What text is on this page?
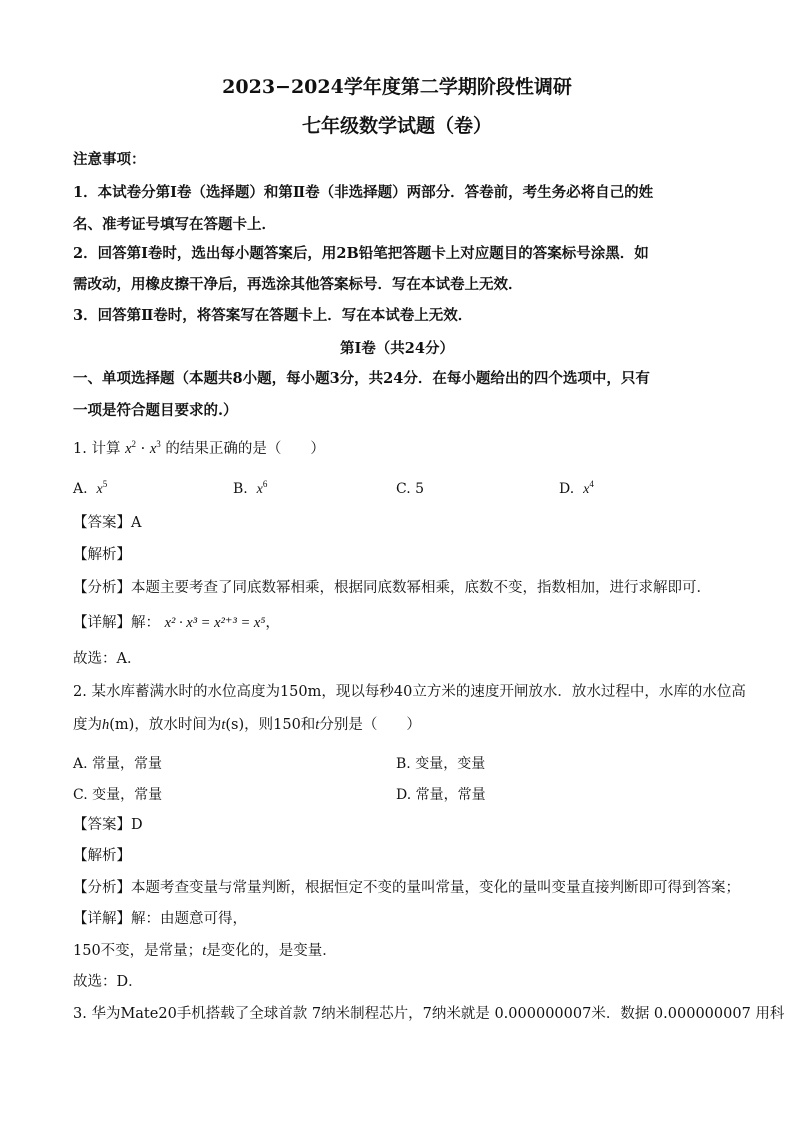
2023−2024学年度第二学期阶段性调研
七年级数学试题（卷）
注意事项：
1．本试卷分第Ⅰ卷（选择题）和第Ⅱ卷（非选择题）两部分．答卷前，考生务必将自己的姓
名、准考证号填写在答题卡上．
2．回答第Ⅰ卷时，选出每小题答案后，用2B铅笔把答题卡上对应题目的答案标号涂黑．如
需改动，用橡皮擦干净后，再选涂其他答案标号．写在本试卷上无效．
3．回答第Ⅱ卷时，将答案写在答题卡上．写在本试卷上无效．
第Ⅰ卷（共24分）
一、单项选择题（本题共8小题，每小题3分，共24分．在每小题给出的四个选项中，只有
一项是符合题目要求的.）
1. 计算 $x^2 \cdot x^3$ 的结果正确的是（　　）
A. $x^5$	B. $x^6$	C. 5	D. $x^4$
【答案】A
【解析】
【分析】本题主要考查了同底数幂相乘，根据同底数幂相乘，底数不变，指数相加，进行求解即可．
【详解】解： x² · x³ = x²⁺³ = x⁵，
故选：A．
2. 某水库蓄满水时的水位高度为150m，现以每秒40立方米的速度开闸放水．放水过程中，水库的水位高
度为h(m)，放水时间为t(s)，则150和t分别是（　　）
A. 常量，常量	B. 变量，变量
C. 变量，常量	D. 常量，常量
【答案】D
【解析】
【分析】本题考查变量与常量判断，根据恒定不变的量叫常量，变化的量叫变量直接判断即可得到答案；
【详解】解：由题意可得，
150不变，是常量；t是变化的，是变量．
故选：D．
3. 华为Mate20手机搭载了全球首款 7纳米制程芯片，7纳米就是 0.000000007米．数据 0.000000007 用科
